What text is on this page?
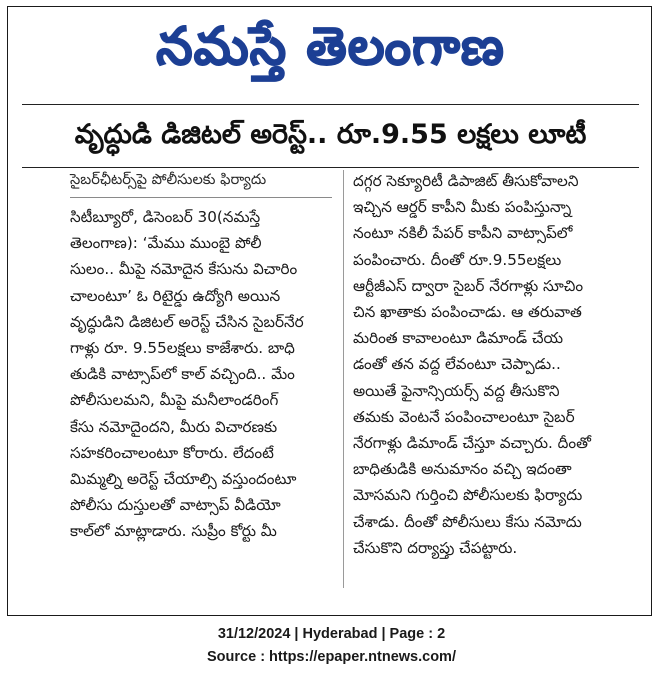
నమస్తే తెలంగాణ
వృద్ధుడి డిజిటల్ అరెస్ట్.. రూ.9.55 లక్షలు లూటీ
సైబర్‌ఛీటర్స్‌పై పోలీసులకు ఫిర్యాదు
సిటీబ్యూరో, డిసెంబర్ 30(నమస్తే
తెలంగాణ): ‘మేము ముంబై పోలీ
సులం.. మీపై నమోదైన కేసును విచారిం
చాలంటూ’ ఓ రిటైర్డు ఉద్యోగి అయిన
వృద్ధుడిని డిజిటల్ అరెస్ట్ చేసిన సైబర్‌నేర
గాళ్లు రూ. 9.55లక్షలు కాజేశారు. బాధి
తుడికి వాట్సాప్‌లో కాల్ వచ్చింది.. మేం
పోలీసులమని, మీపై మనీలాండరింగ్
కేసు నమోదైందని, మీరు విచారణకు
సహకరించాలంటూ కోరారు. లేదంటే
మిమ్మల్ని అరెస్ట్ చేయాల్సి వస్తుందంటూ
పోలీసు దుస్తులతో వాట్సాప్ వీడియో
కాల్‌లో మాట్లాడారు. సుప్రీం కోర్టు మీ
దగ్గర సెక్యూరిటీ డిపాజిట్ తీసుకోవాలని
ఇచ్చిన ఆర్డర్ కాపీని మీకు పంపిస్తున్నా
నంటూ నకిలీ పేపర్ కాపీని వాట్సాప్‌లో
పంపించారు. దీంతో రూ.9.55లక్షలు
ఆర్టీజీఎస్ ద్వారా సైబర్ నేరగాళ్లు సూచిం
చిన ఖాతాకు పంపించాడు. ఆ తరువాత
మరింత కావాలంటూ డిమాండ్ చేయ
డంతో తన వద్ద లేవంటూ చెప్పాడు..
అయితే ఫైనాన్సియర్స్ వద్ద తీసుకొని
తమకు వెంటనే పంపించాలంటూ సైబర్
నేరగాళ్లు డిమాండ్ చేస్తూ వచ్చారు. దీంతో
బాధితుడికి అనుమానం వచ్చి ఇదంతా
మోసమని గుర్తించి పోలీసులకు ఫిర్యాదు
చేశాడు. దీంతో పోలీసులు కేసు నమోదు
చేసుకొని దర్యాప్తు చేపట్టారు.
31/12/2024 | Hyderabad | Page : 2
Source : https://epaper.ntnews.com/
